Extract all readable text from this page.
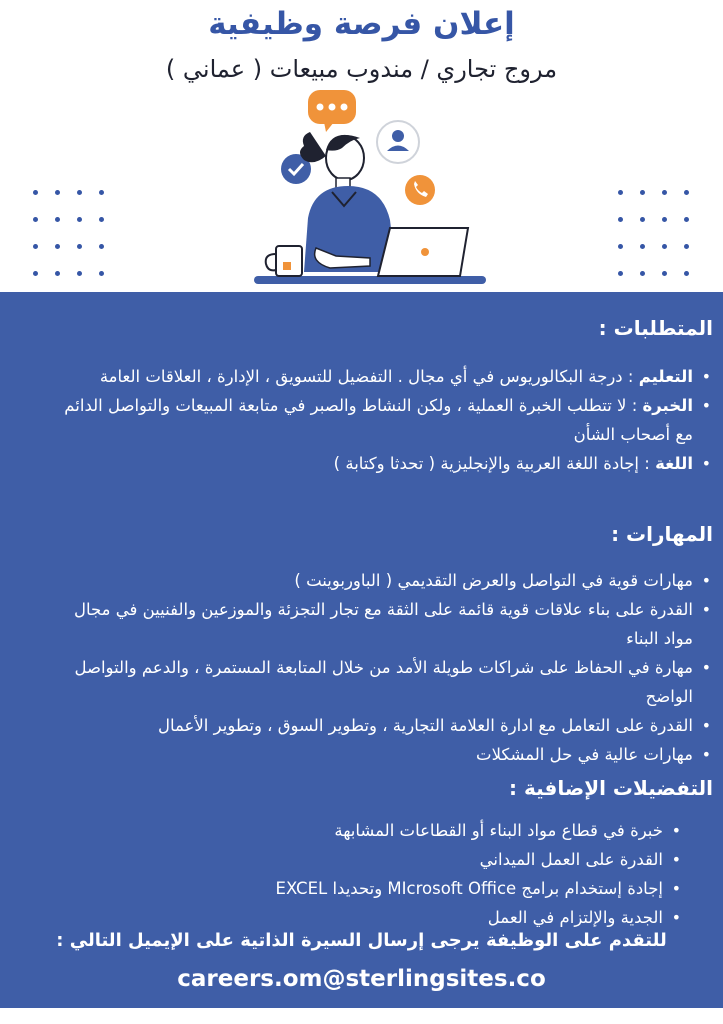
إعلان فرصة وظيفية
مروج تجاري / مندوب مبيعات ( عماني )
المتطلبات :
• التعليم : درجة البكالوريوس في أي مجال . التفضيل للتسويق ، الإدارة ، العلاقات العامة
• الخبرة : لا تتطلب الخبرة العملية ، ولكن النشاط والصبر في متابعة المبيعات والتواصل الدائم مع أصحاب الشأن
• اللغة : إجادة اللغة العربية والإنجليزية ( تحدثا وكتابة )
المهارات :
• مهارات قوية في التواصل والعرض التقديمي ( الباوربوينت )
• القدرة على بناء علاقات قوية قائمة على الثقة مع تجار التجزئة والموزعين والفنيين في مجال مواد البناء
• مهارة في الحفاظ على شراكات طويلة الأمد من خلال المتابعة المستمرة ، والدعم والتواصل الواضح
• القدرة على التعامل مع ادارة العلامة التجارية ، وتطوير السوق ، وتطوير الأعمال
• مهارات عالية في حل المشكلات
التفضيلات الإضافية :
• خبرة في قطاع مواد البناء أو القطاعات المشابهة
• القدرة على العمل الميداني
• إجادة إستخدام برامج MIcrosoft Office وتحديدا EXCEL
• الجدية والإلتزام في العمل
للتقدم على الوظيفة يرجى إرسال السيرة الذاتية على الإيميل التالي :
careers.om@sterlingsites.co
